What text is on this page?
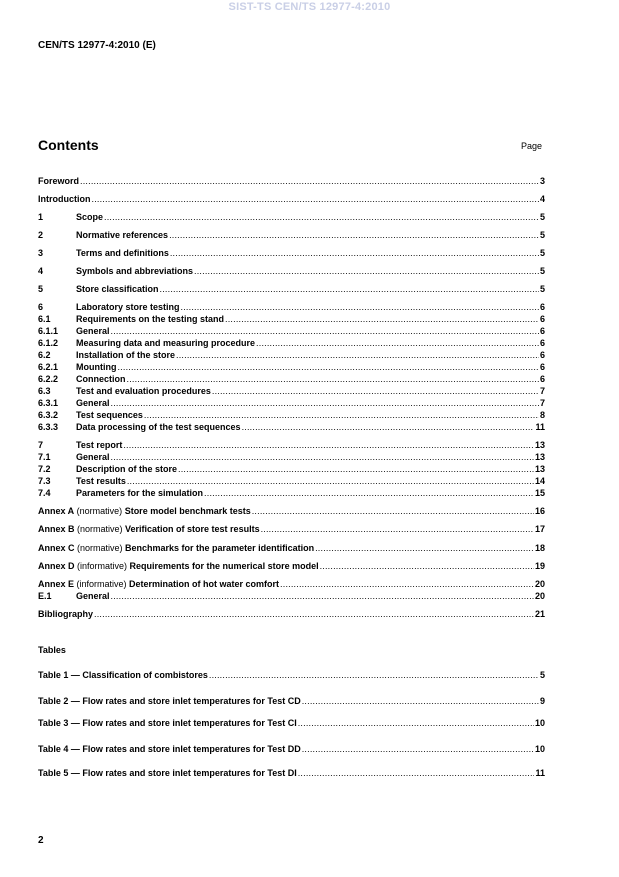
SIST-TS CEN/TS 12977-4:2010
CEN/TS 12977-4:2010 (E)
Contents	Page
Foreword .....	3
Introduction .....	4
1	Scope .....	5
2	Normative references .....	5
3	Terms and definitions .....	5
4	Symbols and abbreviations .....	5
5	Store classification .....	5
6	Laboratory store testing .....	6
6.1	Requirements on the testing stand .....	6
6.1.1	General .....	6
6.1.2	Measuring data and measuring procedure .....	6
6.2	Installation of the store .....	6
6.2.1	Mounting .....	6
6.2.2	Connection .....	6
6.3	Test and evaluation procedures .....	7
6.3.1	General .....	7
6.3.2	Test sequences .....	8
6.3.3	Data processing of the test sequences .....	11
7	Test report .....	13
7.1	General .....	13
7.2	Description of the store .....	13
7.3	Test results .....	14
7.4	Parameters for the simulation .....	15
Annex A (normative) Store model benchmark tests .....	16
Annex B (normative) Verification of store test results .....	17
Annex C (normative) Benchmarks for the parameter identification .....	18
Annex D (informative) Requirements for the numerical store model .....	19
Annex E (informative) Determination of hot water comfort .....	20
E.1	General .....	20
Bibliography .....	21
Tables
Table 1 — Classification of combistores .....	5
Table 2 — Flow rates and store inlet temperatures for Test CD .....	9
Table 3 — Flow rates and store inlet temperatures for Test CI .....	10
Table 4 — Flow rates and store inlet temperatures for Test DD .....	10
Table 5 — Flow rates and store inlet temperatures for Test DI .....	11
2
